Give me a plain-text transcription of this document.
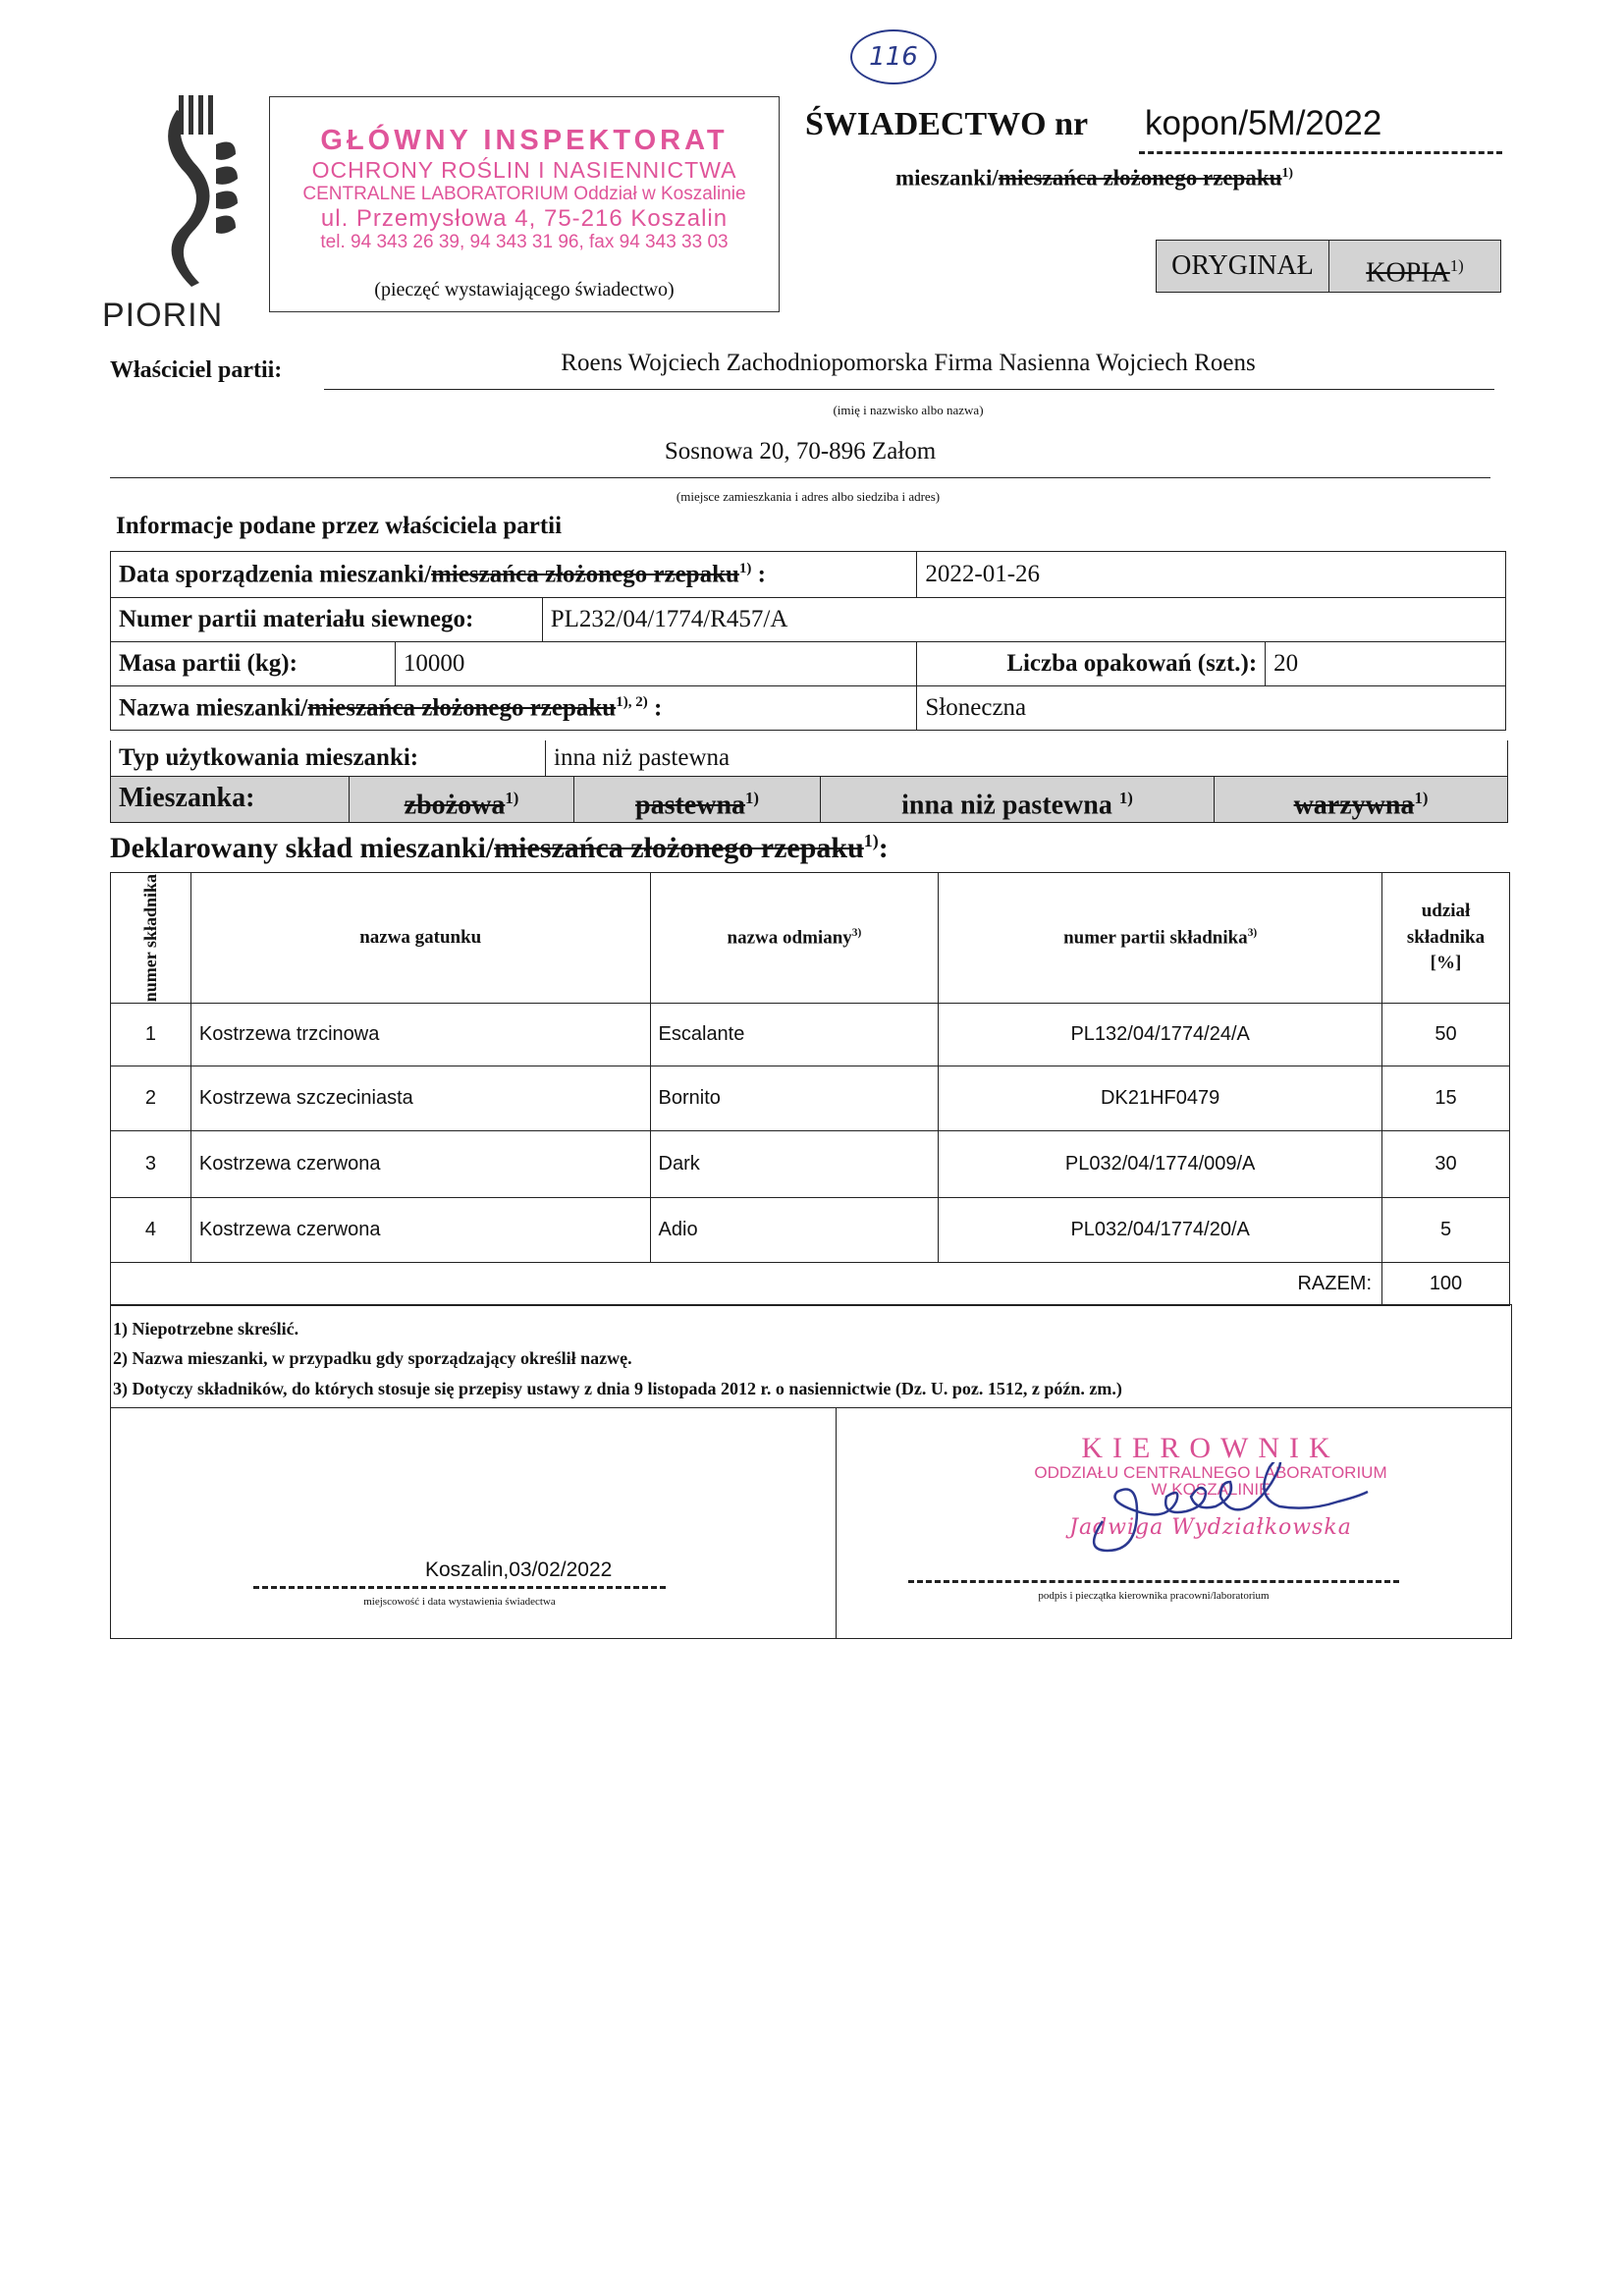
116
PIORIN
GŁÓWNY INSPEKTORAT
OCHRONY ROŚLIN I NASIENNICTWA
CENTRALNE LABORATORIUM Oddział w Koszalinie
ul. Przemysłowa 4, 75-216 Koszalin
tel. 94 343 26 39, 94 343 31 96, fax 94 343 33 03
(pieczęć wystawiającego świadectwo)
ŚWIADECTWO nr kopon/5M/2022
mieszanki/mieszańca złożonego rzepaku$^{1)}$
ORYGINAŁ	KOPIA$^{1)}$
Właściciel partii:	Roens Wojciech Zachodniopomorska Firma Nasienna Wojciech Roens
(imię i nazwisko albo nazwa)
Sosnowa 20, 70-896 Załom
(miejsce zamieszkania i adres albo siedziba i adres)
Informacje podane przez właściciela partii
Data sporządzenia mieszanki/mieszańca złożonego rzepaku$^{1)}$ :			2022-01-26	
Numer partii materiału siewnego:		PL232/04/1774/R457/A		
Masa partii (kg):	10000		Liczba opakowań (szt.):	20
Nazwa mieszanki/mieszańca złożonego rzepaku$^{1), 2)}$ :			Słoneczna	
Typ użytkowania mieszanki:	inna niż pastewna
Mieszanka:	zbożowa$^{1)}$	pastewna$^{1)}$	inna niż pastewna $^{1)}$	warzywna$^{1)}$
Deklarowany skład mieszanki/mieszańca złożonego rzepaku$^{1)}$:
numer składnika	nazwa gatunku	nazwa odmiany$^{3)}$	numer partii składnika$^{3)}$	udział
składnika
[%]

1	Kostrzewa trzcinowa	Escalante	PL132/04/1774/24/A	50
2	Kostrzewa szczeciniasta	Bornito	DK21HF0479	15
3	Kostrzewa czerwona	Dark	PL032/04/1774/009/A	30
4	Kostrzewa czerwona	Adio	PL032/04/1774/20/A	5
RAZEM:				100
1) Niepotrzebne skreślić.
2) Nazwa mieszanki, w przypadku gdy sporządzający określił nazwę.
3) Dotyczy składników, do których stosuje się przepisy ustawy z dnia 9 listopada 2012 r. o nasiennictwie (Dz. U. poz. 1512, z późn. zm.)
Koszalin,03/02/2022
miejscowość i data wystawienia świadectwa
KIEROWNIK
ODDZIAŁU CENTRALNEGO LABORATORIUM
W KOSZALINIE
Jadwiga Wydziałkowska
podpis i pieczątka kierownika pracowni/laboratorium
